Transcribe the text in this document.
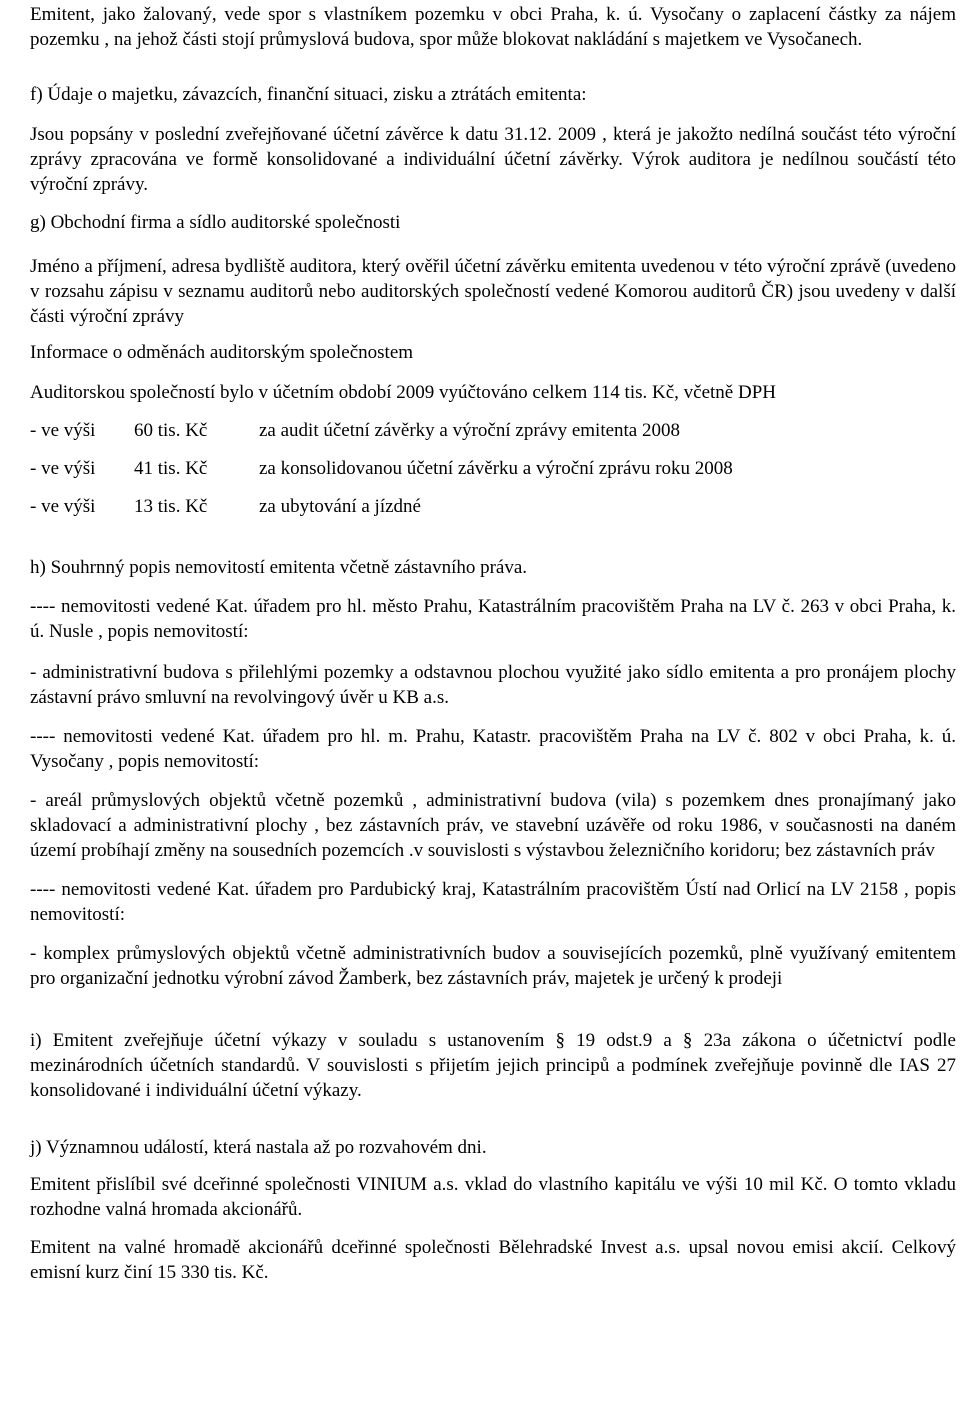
Emitent, jako žalovaný, vede spor s vlastníkem pozemku v obci Praha, k. ú. Vysočany o zaplacení částky za nájem pozemku , na jehož části stojí průmyslová budova, spor může blokovat nakládání s majetkem ve Vysočanech.

f) Údaje o majetku, závazcích, finanční situaci, zisku a ztrátách emitenta:

Jsou popsány v poslední zveřejňované účetní závěrce k datu 31.12. 2009 , která je jakožto nedílná součást této výroční zprávy zpracována ve formě konsolidované a individuální účetní závěrky. Výrok auditora je nedílnou součástí této výroční zprávy.

g) Obchodní firma a sídlo auditorské společnosti

Jméno a příjmení, adresa bydliště auditora, který ověřil účetní závěrku emitenta uvedenou v této výroční zprávě (uvedeno v rozsahu zápisu v seznamu auditorů nebo auditorských společností vedené Komorou auditorů ČR) jsou uvedeny v další části výroční zprávy

Informace o odměnách auditorským společnostem

Auditorskou společností bylo v účetním období 2009 vyúčtováno celkem 114 tis. Kč, včetně DPH

- ve výši	60 tis. Kč	za audit účetní závěrky a výroční zprávy emitenta 2008
- ve výši	41 tis. Kč	za konsolidovanou účetní závěrku a výroční zprávu roku 2008
- ve výši	13 tis. Kč	za ubytování a jízdné

h) Souhrnný popis nemovitostí emitenta včetně zástavního práva.

---- nemovitosti vedené Kat. úřadem pro hl. město Prahu, Katastrálním pracovištěm Praha na LV č. 263 v obci Praha, k. ú. Nusle , popis nemovitostí:

- administrativní budova s přilehlými pozemky a odstavnou plochou využité jako sídlo emitenta a pro pronájem plochy zástavní právo smluvní na revolvingový úvěr u KB a.s.

---- nemovitosti vedené Kat. úřadem pro hl. m. Prahu, Katastr. pracovištěm Praha na LV č. 802 v obci Praha, k. ú. Vysočany , popis nemovitostí:

- areál průmyslových objektů včetně pozemků , administrativní budova (vila) s pozemkem dnes pronajímaný jako skladovací a administrativní plochy , bez zástavních práv, ve stavební uzávěře od roku 1986, v současnosti na daném území probíhají změny na sousedních pozemcích .v souvislosti s výstavbou železničního koridoru; bez zástavních práv

---- nemovitosti vedené Kat. úřadem pro Pardubický kraj, Katastrálním pracovištěm Ústí nad Orlicí na LV 2158 , popis nemovitostí:

- komplex průmyslových objektů včetně administrativních budov a souvisejících pozemků, plně využívaný emitentem pro organizační jednotku výrobní závod Žamberk, bez zástavních práv, majetek je určený k prodeji

i) Emitent zveřejňuje účetní výkazy v souladu s ustanovením § 19 odst.9 a § 23a zákona o účetnictví podle mezinárodních účetních standardů. V souvislosti s přijetím jejich principů a podmínek zveřejňuje povinně dle IAS 27 konsolidované i individuální účetní výkazy.

j) Významnou událostí, která nastala až po rozvahovém dni.

Emitent přislíbil své dceřinné společnosti VINIUM a.s. vklad do vlastního kapitálu ve výši 10 mil Kč. O tomto vkladu rozhodne valná hromada akcionářů.

Emitent na valné hromadě akcionářů dceřinné společnosti Bělehradské Invest a.s. upsal novou emisi akcií. Celkový emisní kurz činí 15 330 tis. Kč.
